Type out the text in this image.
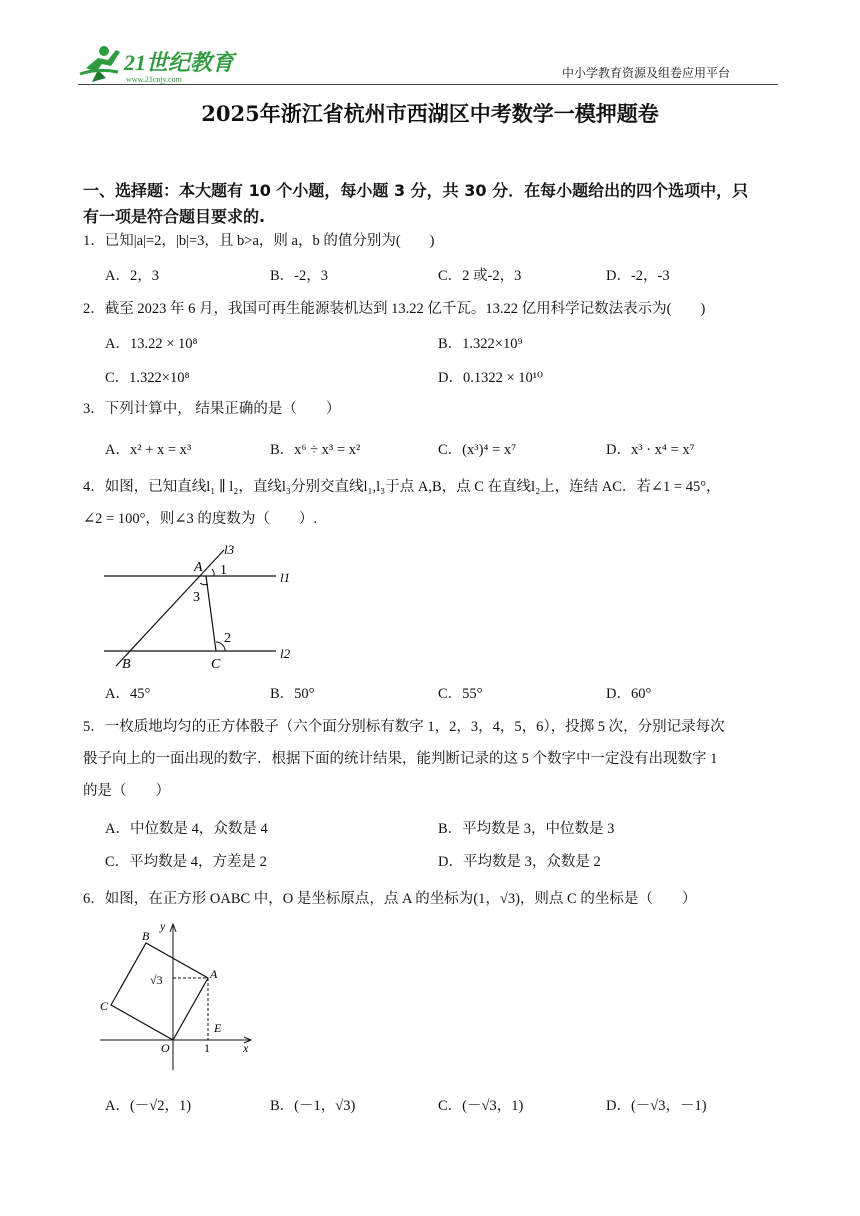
21世纪教育
www.21cnjy.com	中小学教育资源及组卷应用平台
2025年浙江省杭州市西湖区中考数学一模押题卷
一、选择题：本大题有 10 个小题，每小题 3 分，共 30 分．在每小题给出的四个选项中，只
有一项是符合题目要求的.
1．已知|a|=2，|b|=3，且 b>a，则 a，b 的值分别为(　　)
A．2，3	B．-2，3	C．2 或-2，3	D．-2，-3
2．截至 2023 年 6 月，我国可再生能源装机达到 13.22 亿千瓦。13.22 亿用科学记数法表示为(　　)
A．13.22 × 10⁸	B．1.322×10⁹
C．1.322×10⁸	D．0.1322 × 10¹⁰
3．下列计算中， 结果正确的是（　　）
A．x² + x = x³	B．x⁶ ÷ x³ = x²	C．(x³)⁴ = x⁷	D．x³ · x⁴ = x⁷
4．如图，已知直线l₁ ∥ l₂，直线l₃分别交直线l₁,l₃于点 A,B，点 C 在直线l₂上，连结 AC．若∠1 = 45°，
∠2 = 100°，则∠3 的度数为（　　）.
l3
A 1	l1
3
2
B	C
l2
A．45°	B．50°	C．55°	D．60°
5．一枚质地均匀的正方体骰子（六个面分别标有数字 1，2，3，4，5，6），投掷 5 次，分别记录每次
骰子向上的一面出现的数字．根据下面的统计结果，能判断记录的这 5 个数字中一定没有出现数字 1
的是（　　）
A．中位数是 4，众数是 4	B．平均数是 3，中位数是 3
C．平均数是 4，方差是 2	D．平均数是 3，众数是 2
6．如图，在正方形 OABC 中，O 是坐标原点，点 A 的坐标为(1，√3)，则点 C 的坐标是（　　）
y
B
A
√3
C
E
O	1	x
A．(－√2，1)	B．(－1，√3)	C．(－√3，1)	D．(－√3，－1)
